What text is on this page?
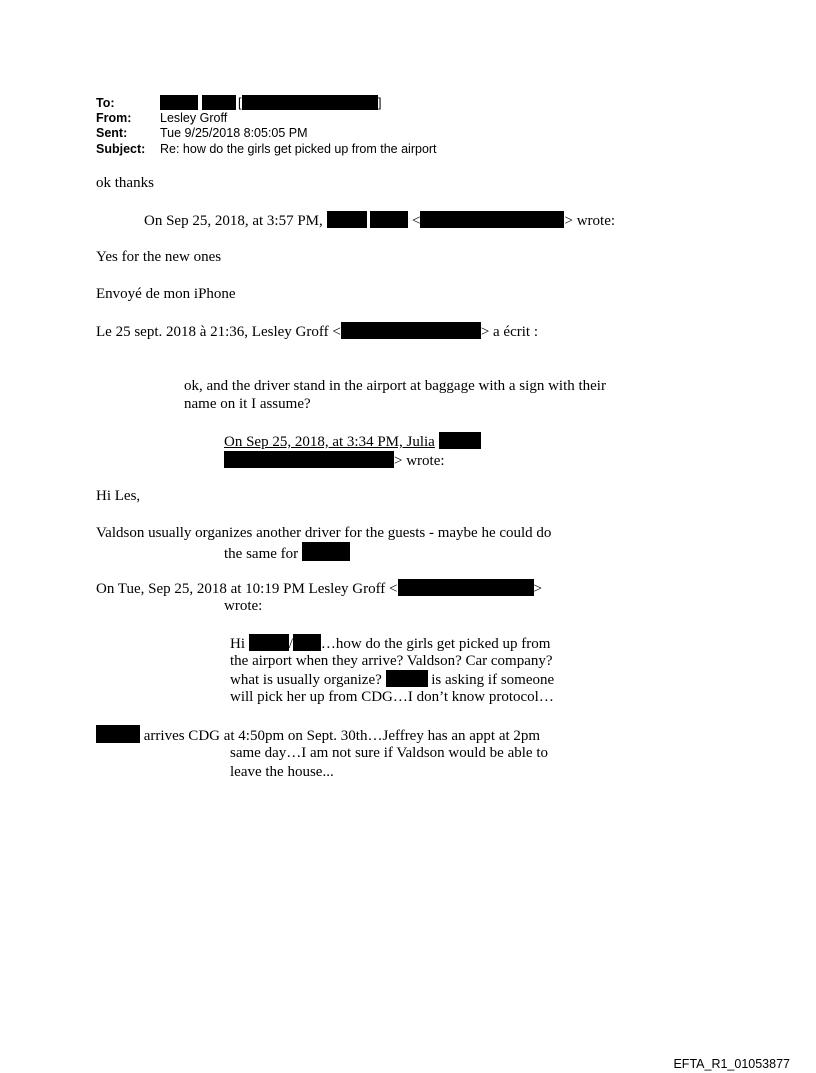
To:	[	]
From: Lesley Groff
Sent:	Tue 9/25/2018 8:05:05 PM
Subject: Re: how do the girls get picked up from the airport
ok thanks
On Sep 25, 2018, at 3:57 PM,	<	> wrote:
Yes for the new ones
Envoyé de mon iPhone
Le 25 sept. 2018 à 21:36, Lesley Groff <	> a écrit :
ok, and the driver stand in the airport at baggage with a sign with their
name on it I assume?
On Sep 25, 2018, at 3:34 PM, Julia
> wrote:
Hi Les,
Valdson usually organizes another driver for the guests - maybe he could do
the same for
On Tue, Sep 25, 2018 at 10:19 PM Lesley Groff <	>
wrote:
Hi	/ …how do the girls get picked up from
the airport when they arrive? Valdson? Car company?
what is usually organize?	is asking if someone
will pick her up from CDG…I don’t know protocol…
arrives CDG at 4:50pm on Sept. 30th…Jeffrey has an appt at 2pm
same day…I am not sure if Valdson would be able to
leave the house...
EFTA_R1_01053877
